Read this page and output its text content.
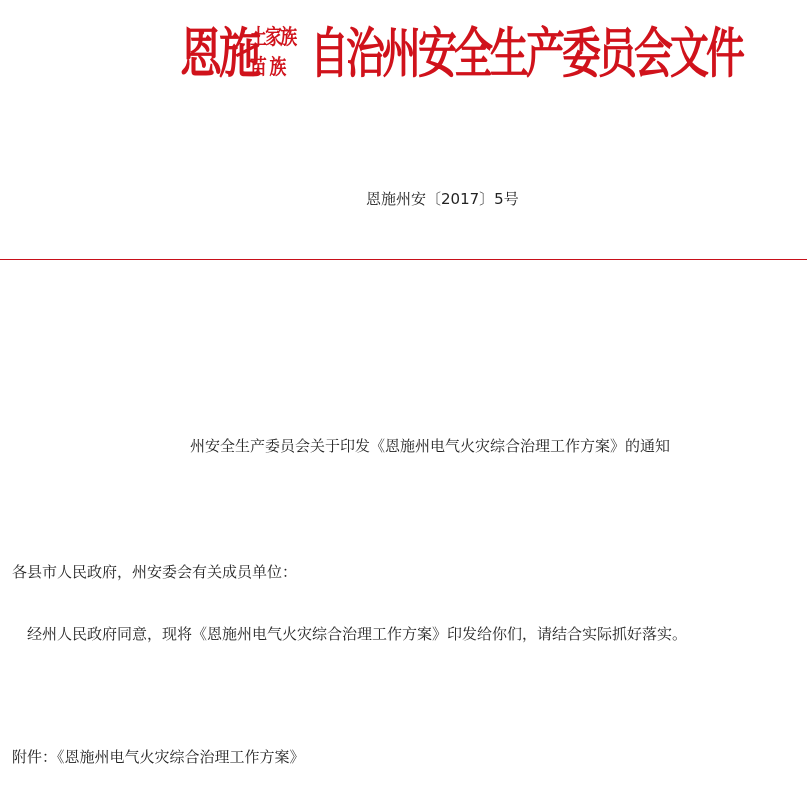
恩施
土家族
苗 族 自治州安全生产委员会文件
恩施州安〔2017〕5号
州安全生产委员会关于印发《恩施州电气火灾综合治理工作方案》的通知
各县市人民政府，州安委会有关成员单位：
经州人民政府同意，现将《恩施州电气火灾综合治理工作方案》印发给你们，请结合实际抓好落实。
附件：《恩施州电气火灾综合治理工作方案》
